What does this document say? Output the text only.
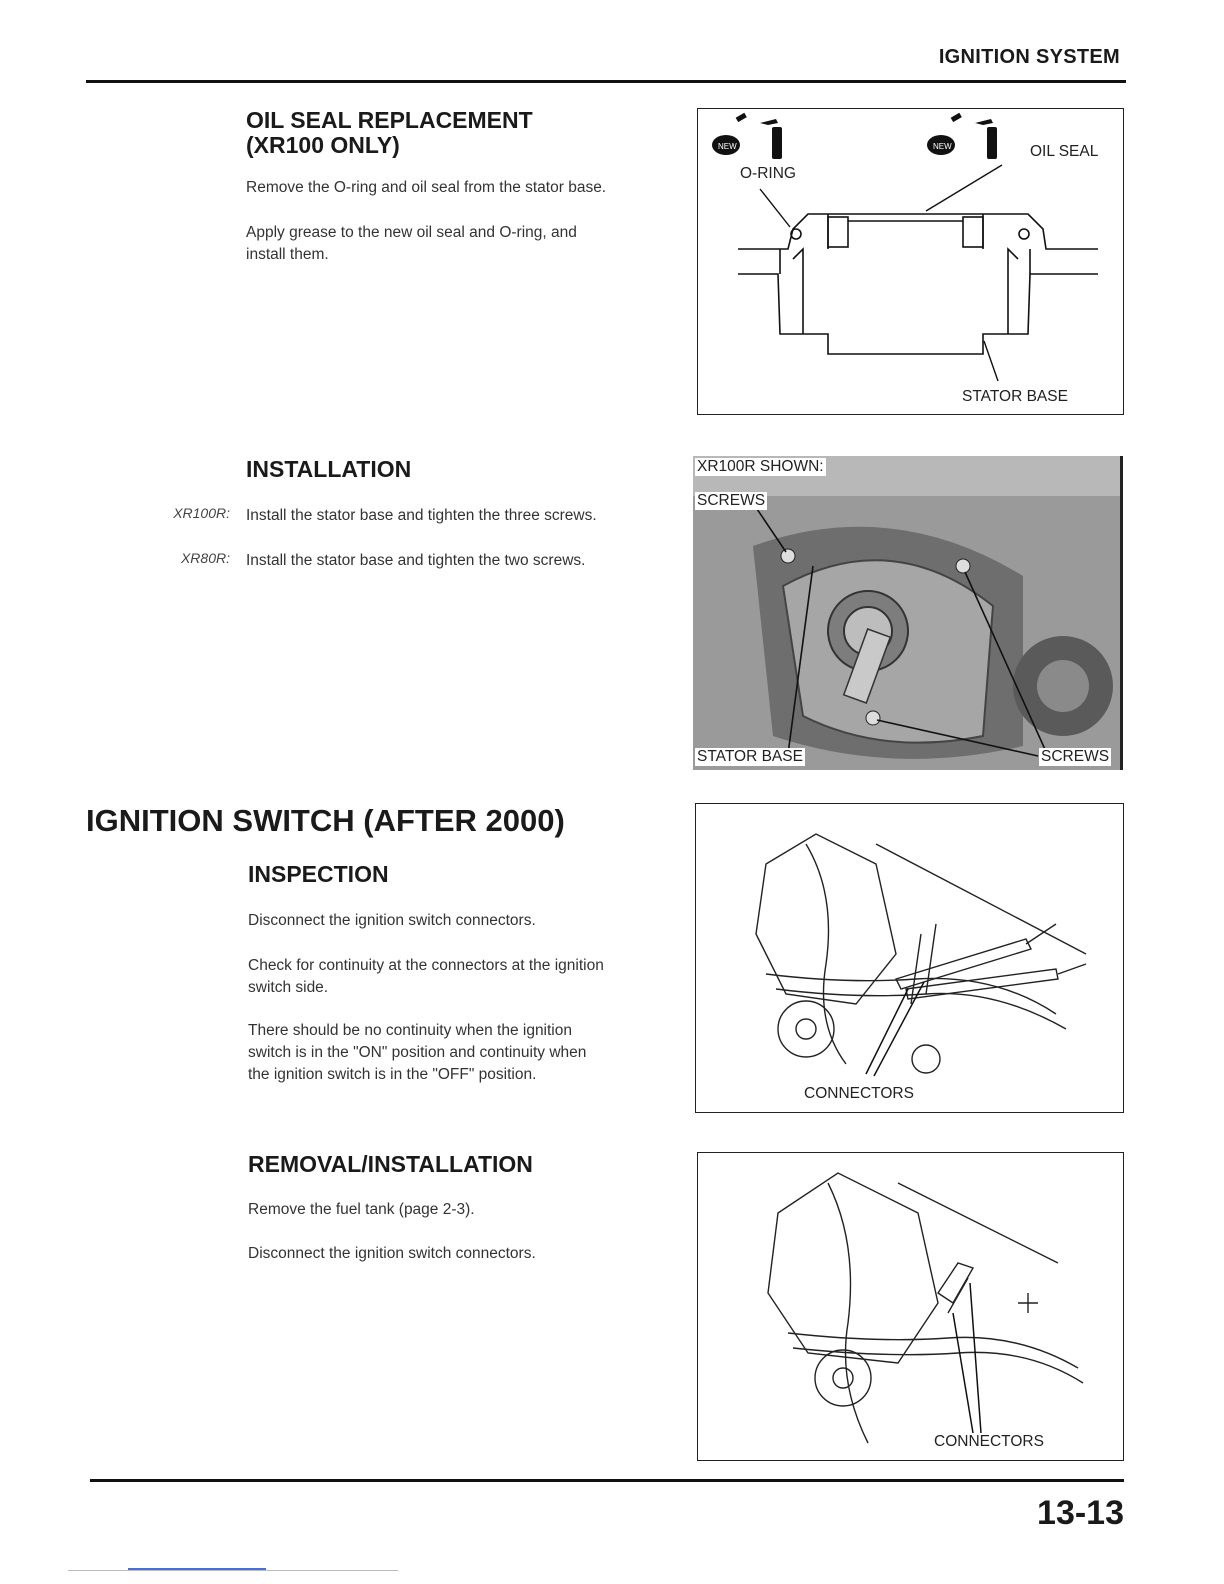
IGNITION SYSTEM
OIL SEAL REPLACEMENT
(XR100 ONLY)
Remove the O-ring and oil seal from the stator base.
Apply grease to the new oil seal and O-ring, and
install them.
NEW	NEW
O-RING
OIL SEAL
STATOR BASE
INSTALLATION
XR100R: Install the stator base and tighten the three screws.
XR80R: Install the stator base and tighten the two screws.
XR100R SHOWN:
SCREWS
STATOR BASE	SCREWS
IGNITION SWITCH (AFTER 2000)
INSPECTION
Disconnect the ignition switch connectors.
Check for continuity at the connectors at the ignition
switch side.
There should be no continuity when the ignition
switch is in the "ON" position and continuity when
the ignition switch is in the "OFF" position.
CONNECTORS
REMOVAL/INSTALLATION
Remove the fuel tank (page 2-3).
Disconnect the ignition switch connectors.
CONNECTORS
13-13
